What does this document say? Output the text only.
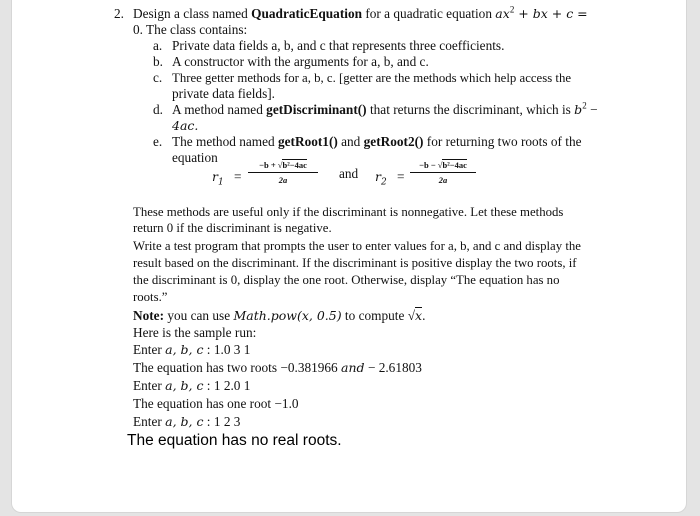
2. Design a class named QuadraticEquation for a quadratic equation $ax^2$ + bx + c =
0. The class contains:
a. Private data fields a, b, and c that represents three coefficients.
b. A constructor with the arguments for a, b, and c.
c. Three getter methods for a, b, c. [getter are the methods which help access the
private data fields].
d. A method named getDiscriminant() that returns the discriminant, which is $b^2$ −
4ac.
e. The method named getRoot1() and getRoot2() for returning two roots of the
equation
$r_1$ =
−b + √b²−4ac
2a	and $r_2$ =
−b − √b²−4ac
2a
These methods are useful only if the discriminant is nonnegative. Let these methods
return 0 if the discriminant is negative.
Write a test program that prompts the user to enter values for a, b, and c and display the
result based on the discriminant. If the discriminant is positive display the two roots, if
the discriminant is 0, display the one root. Otherwise, display “The equation has no
roots.”
Note: you can use Math.pow(x, 0.5) to compute √x.
Here is the sample run:
Enter a, b, c : 1.0 3 1
The equation has two roots −0.381966 and − 2.61803
Enter a, b, c : 1 2.0 1
The equation has one root −1.0
Enter a, b, c : 1 2 3
The equation has no real roots.
